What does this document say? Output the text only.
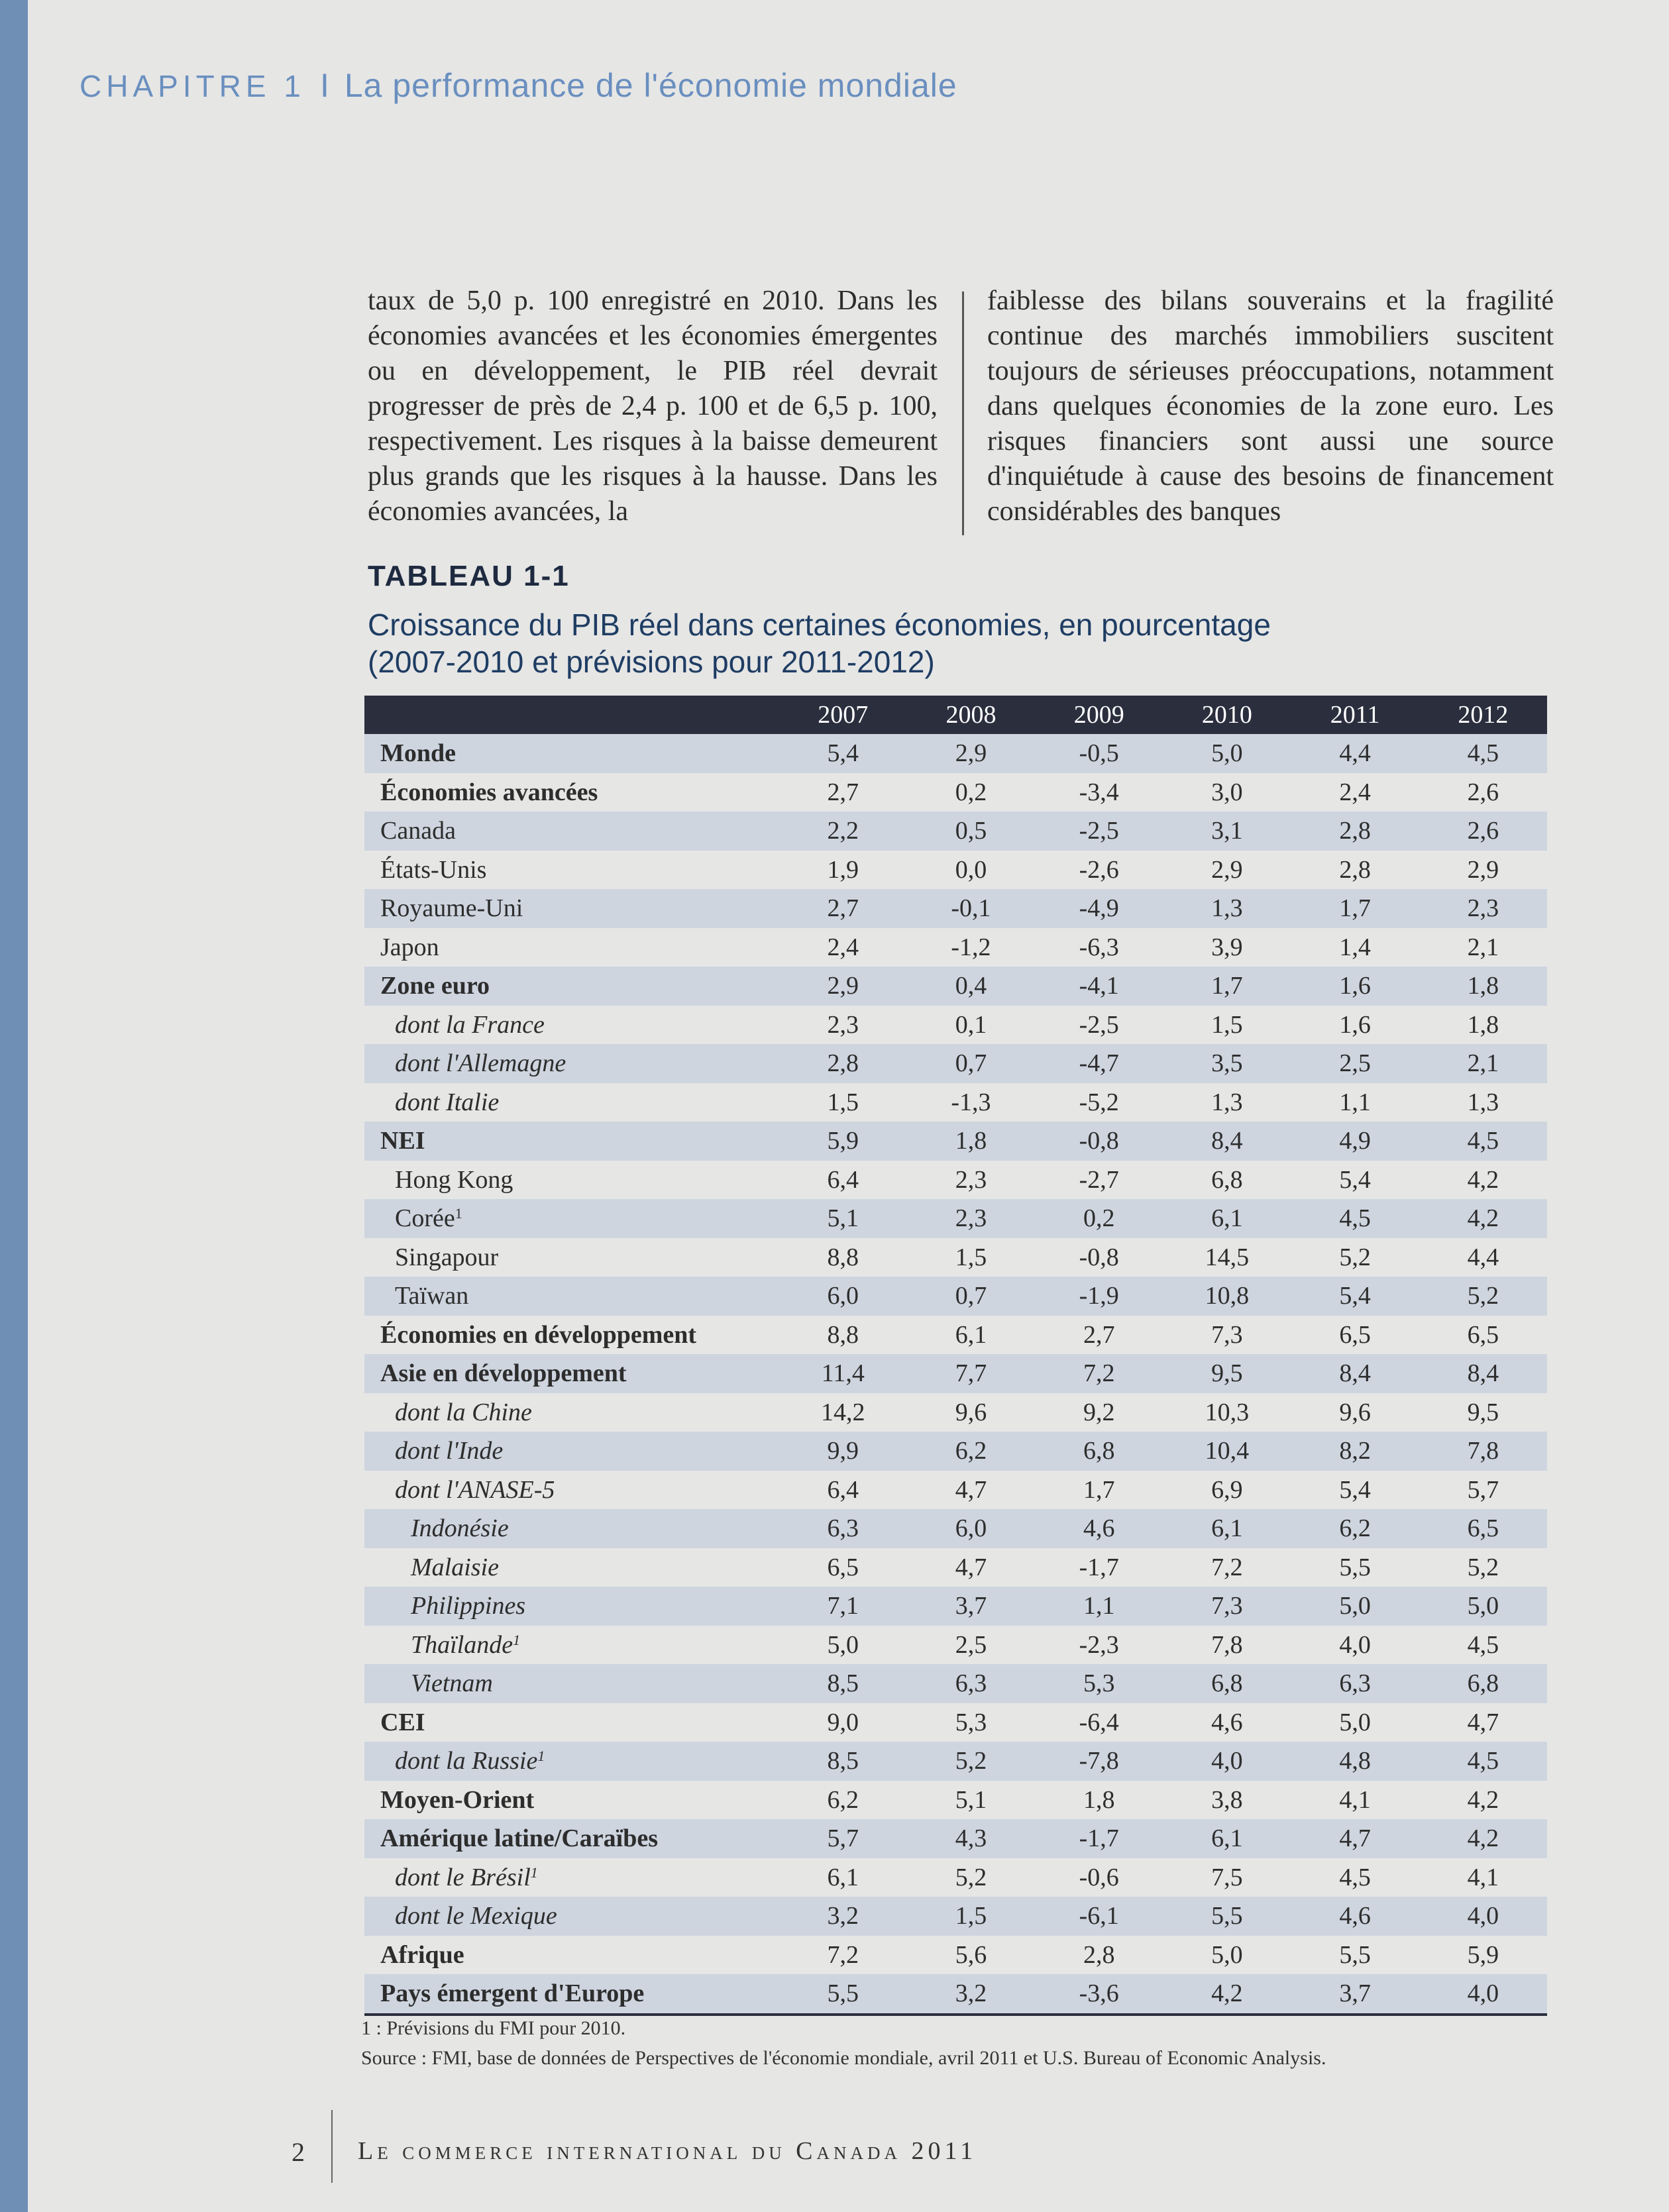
CHAPITRE 1 I La performance de l'économie mondiale
taux de 5,0 p. 100 enregistré en 2010. Dans les économies avancées et les économies émergentes ou en développement, le PIB réel devrait progresser de près de 2,4 p. 100 et de 6,5 p. 100, respectivement. Les risques à la baisse demeurent plus grands que les risques à la hausse. Dans les économies avancées, la
faiblesse des bilans souverains et la fragilité continue des marchés immobiliers suscitent toujours de sérieuses préoccupations, notamment dans quelques économies de la zone euro. Les risques financiers sont aussi une source d'inquiétude à cause des besoins de financement considérables des banques
TABLEAU 1-1
Croissance du PIB réel dans certaines économies, en pourcentage
(2007-2010 et prévisions pour 2011-2012)
	2007	2008	2009	2010	2011	2012
Monde	5,4	2,9	-0,5	5,0	4,4	4,5
Économies avancées	2,7	0,2	-3,4	3,0	2,4	2,6
Canada	2,2	0,5	-2,5	3,1	2,8	2,6
États-Unis	1,9	0,0	-2,6	2,9	2,8	2,9
Royaume-Uni	2,7	-0,1	-4,9	1,3	1,7	2,3
Japon	2,4	-1,2	-6,3	3,9	1,4	2,1
Zone euro	2,9	0,4	-4,1	1,7	1,6	1,8
dont la France	2,3	0,1	-2,5	1,5	1,6	1,8
dont l'Allemagne	2,8	0,7	-4,7	3,5	2,5	2,1
dont Italie	1,5	-1,3	-5,2	1,3	1,1	1,3
NEI	5,9	1,8	-0,8	8,4	4,9	4,5
Hong Kong	6,4	2,3	-2,7	6,8	5,4	4,2
Corée$^1$	5,1	2,3	0,2	6,1	4,5	4,2
Singapour	8,8	1,5	-0,8	14,5	5,2	4,4
Taïwan	6,0	0,7	-1,9	10,8	5,4	5,2
Économies en développement	8,8	6,1	2,7	7,3	6,5	6,5
Asie en développement	11,4	7,7	7,2	9,5	8,4	8,4
dont la Chine	14,2	9,6	9,2	10,3	9,6	9,5
dont l'Inde	9,9	6,2	6,8	10,4	8,2	7,8
dont l'ANASE-5	6,4	4,7	1,7	6,9	5,4	5,7
Indonésie	6,3	6,0	4,6	6,1	6,2	6,5
Malaisie	6,5	4,7	-1,7	7,2	5,5	5,2
Philippines	7,1	3,7	1,1	7,3	5,0	5,0
Thaïlande$^1$	5,0	2,5	-2,3	7,8	4,0	4,5
Vietnam	8,5	6,3	5,3	6,8	6,3	6,8
CEI	9,0	5,3	-6,4	4,6	5,0	4,7
dont la Russie$^1$	8,5	5,2	-7,8	4,0	4,8	4,5
Moyen-Orient	6,2	5,1	1,8	3,8	4,1	4,2
Amérique latine/Caraïbes	5,7	4,3	-1,7	6,1	4,7	4,2
dont le Brésil$^1$	6,1	5,2	-0,6	7,5	4,5	4,1
dont le Mexique	3,2	1,5	-6,1	5,5	4,6	4,0
Afrique	7,2	5,6	2,8	5,0	5,5	5,9
Pays émergent d'Europe	5,5	3,2	-3,6	4,2	3,7	4,0
1 : Prévisions du FMI pour 2010.
Source : FMI, base de données de Perspectives de l'économie mondiale, avril 2011 et U.S. Bureau of Economic Analysis.
2 Le commerce international du Canada 2011
